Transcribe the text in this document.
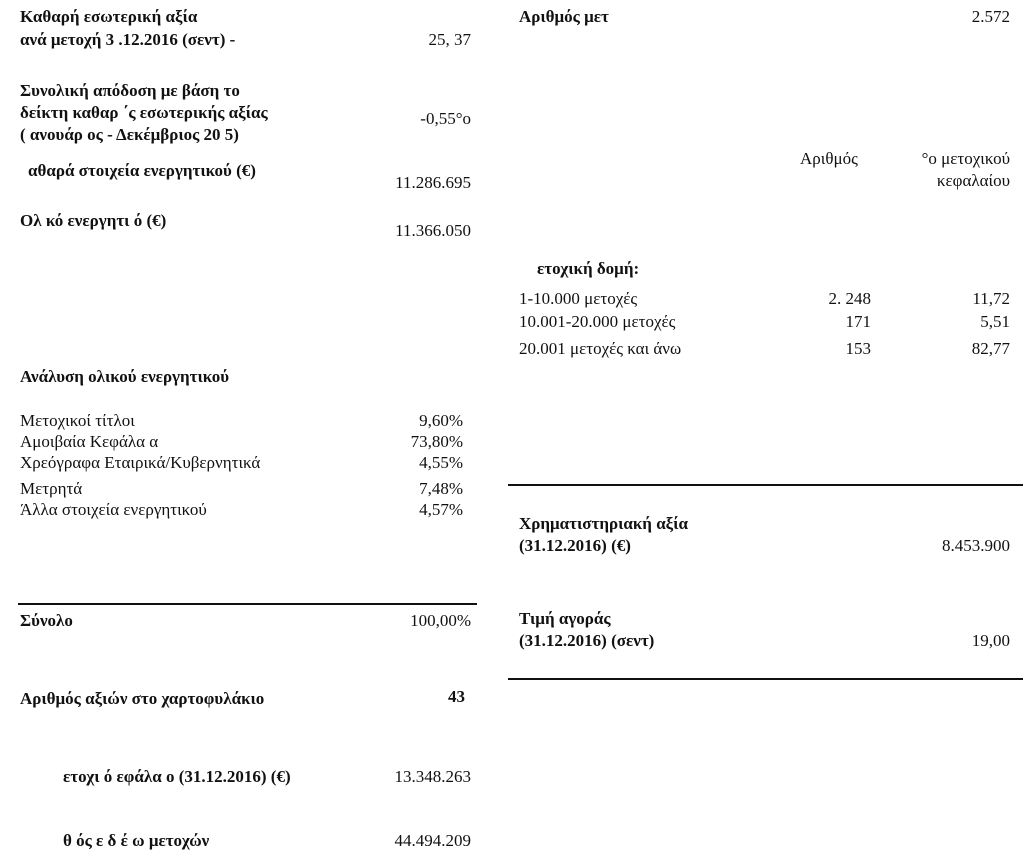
Καθαρή εσωτερική αξία
ανά μετοχή 3 .12.2016 (σεντ) -	25, 37
Συνολική απόδοση με βάση το
δείκτη καθαρ ΄ς εσωτερικής αξίας
( ανουάρ ος - Δεκέμβριος 20 5)
-0,55°o
αθαρά στοιχεία ενεργητικού (€)
11.286.695
Ολ κό ενεργητι ό (€)
11.366.050
Ανάλυση ολικού ενεργητικού
Μετοχικοί τίτλοι	9,60%
Αμοιβαία Κεφάλα α	73,80%
Χρεόγραφα Εταιρικά/Κυβερνητικά	4,55%
Μετρητά	7,48%
Άλλα στοιχεία ενεργητικού	4,57%
Σύνολο	100,00%
Αριθμός αξιών στο χαρτοφυλάκιο	43
ετοχι ό εφάλα ο (31.12.2016) (€)	13.348.263
θ ός ε δ έ ω μετοχών	44.494.209
Αριθμός μετ	2.572
Αριθμός	°o μετοχικού
κεφαλαίου
ετοχική δομή:
1-10.000 μετοχές	2. 248	11,72
10.001-20.000 μετοχές	171	5,51
20.001 μετοχές και άνω	153	82,77
Χρηματιστηριακή αξία
(31.12.2016) (€)	8.453.900
Τιμή αγοράς
(31.12.2016) (σεντ)	19,00
